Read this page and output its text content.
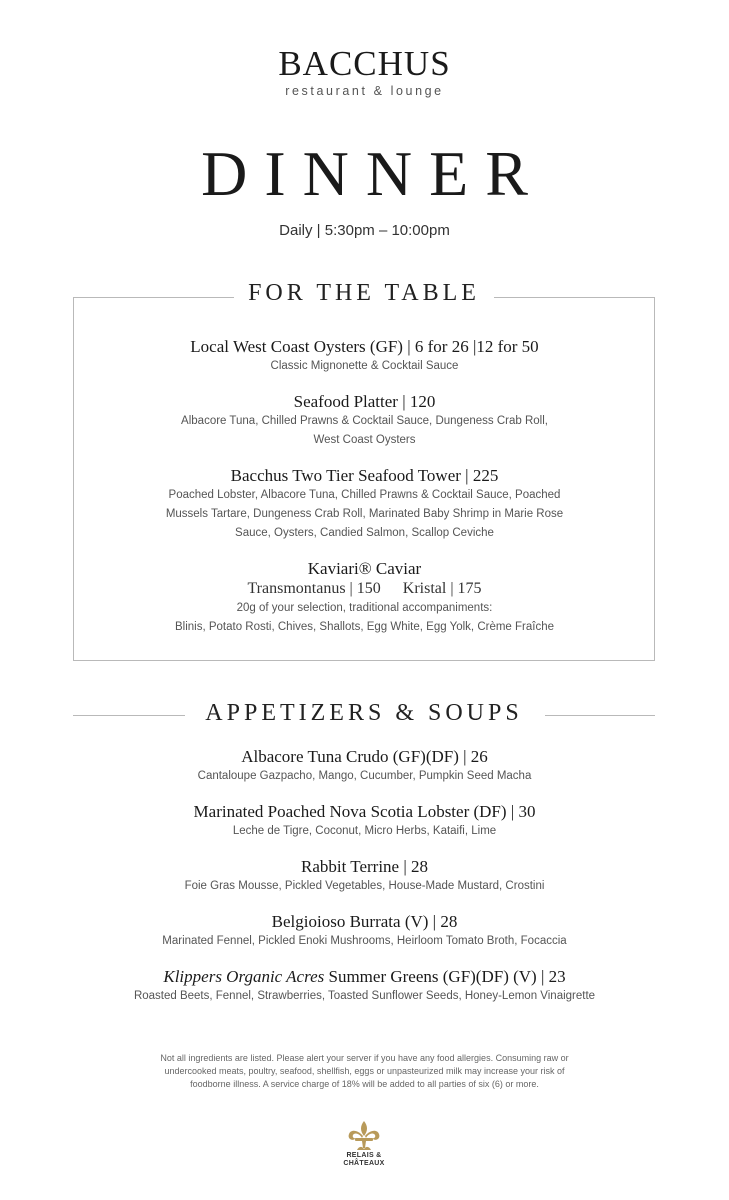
BACCHUS
restaurant & lounge
DINNER
Daily | 5:30pm – 10:00pm
FOR THE TABLE
Local West Coast Oysters (GF) | 6 for 26 |12 for 50
Classic Mignonette & Cocktail Sauce
Seafood Platter | 120
Albacore Tuna, Chilled Prawns & Cocktail Sauce, Dungeness Crab Roll,
West Coast Oysters
Bacchus Two Tier Seafood Tower | 225
Poached Lobster, Albacore Tuna, Chilled Prawns & Cocktail Sauce, Poached
Mussels Tartare, Dungeness Crab Roll, Marinated Baby Shrimp in Marie Rose
Sauce, Oysters, Candied Salmon, Scallop Ceviche
Kaviari® Caviar
Transmontanus | 150 Kristal | 175
20g of your selection, traditional accompaniments:
Blinis, Potato Rosti, Chives, Shallots, Egg White, Egg Yolk, Crème Fraîche
APPETIZERS & SOUPS
Albacore Tuna Crudo (GF)(DF) | 26
Cantaloupe Gazpacho, Mango, Cucumber, Pumpkin Seed Macha
Marinated Poached Nova Scotia Lobster (DF) | 30
Leche de Tigre, Coconut, Micro Herbs, Kataifi, Lime
Rabbit Terrine | 28
Foie Gras Mousse, Pickled Vegetables, House-Made Mustard, Crostini
Belgioioso Burrata (V) | 28
Marinated Fennel, Pickled Enoki Mushrooms, Heirloom Tomato Broth, Focaccia
Klippers Organic Acres Summer Greens (GF)(DF) (V) | 23
Roasted Beets, Fennel, Strawberries, Toasted Sunflower Seeds, Honey-Lemon Vinaigrette
Not all ingredients are listed. Please alert your server if you have any food allergies. Consuming raw or
undercooked meats, poultry, seafood, shellfish, eggs or unpasteurized milk may increase your risk of
foodborne illness. A service charge of 18% will be added to all parties of six (6) or more.
RELAIS &
CHÂTEAUX
